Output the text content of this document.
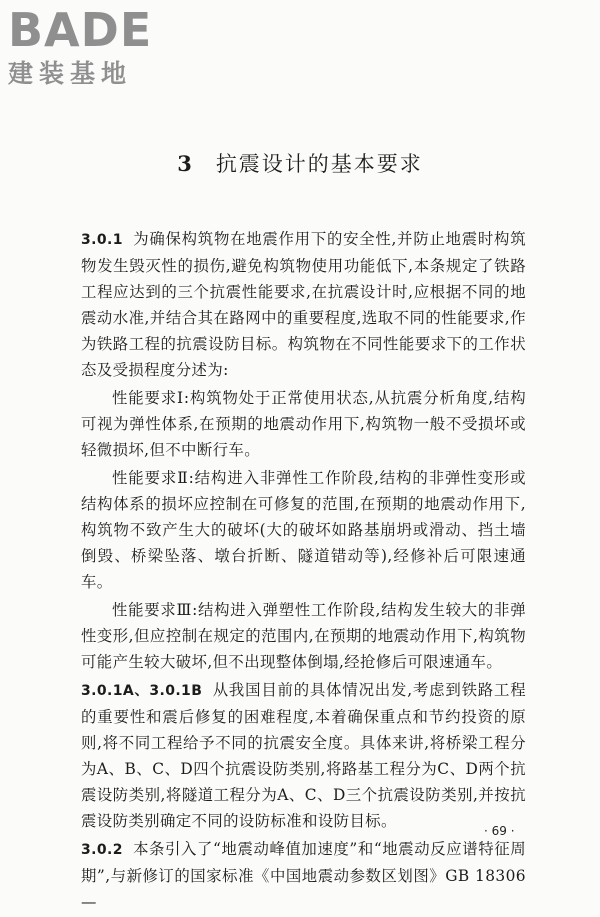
BADE
建装基地
3 抗震设计的基本要求

3.0.1 为确保构筑物在地震作用下的安全性,并防止地震时构筑物发生毁灭性的损伤,避免构筑物使用功能低下,本条规定了铁路工程应达到的三个抗震性能要求,在抗震设计时,应根据不同的地震动水准,并结合其在路网中的重要程度,选取不同的性能要求,作为铁路工程的抗震设防目标。构筑物在不同性能要求下的工作状态及受损程度分述为:

性能要求Ⅰ:构筑物处于正常使用状态,从抗震分析角度,结构可视为弹性体系,在预期的地震动作用下,构筑物一般不受损坏或轻微损坏,但不中断行车。

性能要求Ⅱ:结构进入非弹性工作阶段,结构的非弹性变形或结构体系的损坏应控制在可修复的范围,在预期的地震动作用下,构筑物不致产生大的破坏(大的破坏如路基崩坍或滑动、挡土墙倒毁、桥梁坠落、墩台折断、隧道错动等),经修补后可限速通车。

性能要求Ⅲ:结构进入弹塑性工作阶段,结构发生较大的非弹性变形,但应控制在规定的范围内,在预期的地震动作用下,构筑物可能产生较大破坏,但不出现整体倒塌,经抢修后可限速通车。

3.0.1A、3.0.1B 从我国目前的具体情况出发,考虑到铁路工程的重要性和震后修复的困难程度,本着确保重点和节约投资的原则,将不同工程给予不同的抗震安全度。具体来讲,将桥梁工程分为A、B、C、D四个抗震设防类别,将路基工程分为C、D两个抗震设防类别,将隧道工程分为A、C、D三个抗震设防类别,并按抗震设防类别确定不同的设防标准和设防目标。

3.0.2 本条引入了“地震动峰值加速度”和“地震动反应谱特征周期”,与新修订的国家标准《中国地震动参数区划图》GB 18306—

· 69 ·
